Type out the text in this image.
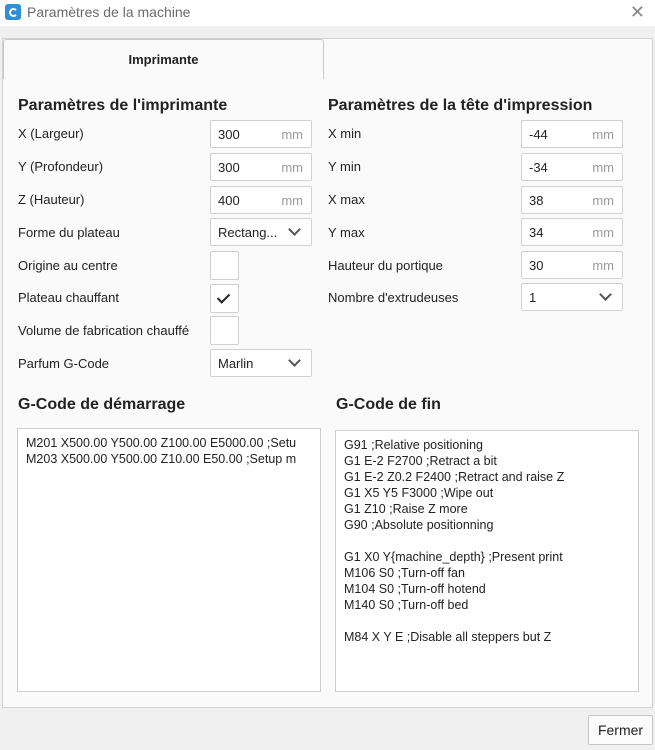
Paramètres de la machine	✕
Imprimante
Paramètres de l'imprimante
X (Largeur)	300	mm
Y (Profondeur)	300	mm
Z (Hauteur)	400	mm
Forme du plateau	Rectang...
Origine au centre
Plateau chauffant
Volume de fabrication chauffé
Parfum G-Code	Marlin
Paramètres de la tête d'impression
X min	-44	mm
Y min	-34	mm
X max	38	mm
Y max	34	mm
Hauteur du portique	30	mm
Nombre d'extrudeuses	1
G-Code de démarrage
M201 X500.00 Y500.00 Z100.00 E5000.00 ;Setu
M203 X500.00 Y500.00 Z10.00 E50.00 ;Setup m
G-Code de fin
G91 ;Relative positioning
G1 E-2 F2700 ;Retract a bit
G1 E-2 Z0.2 F2400 ;Retract and raise Z
G1 X5 Y5 F3000 ;Wipe out
G1 Z10 ;Raise Z more
G90 ;Absolute positionning
G1 X0 Y{machine_depth} ;Present print
M106 S0 ;Turn-off fan
M104 S0 ;Turn-off hotend
M140 S0 ;Turn-off bed
M84 X Y E ;Disable all steppers but Z
Fermer
